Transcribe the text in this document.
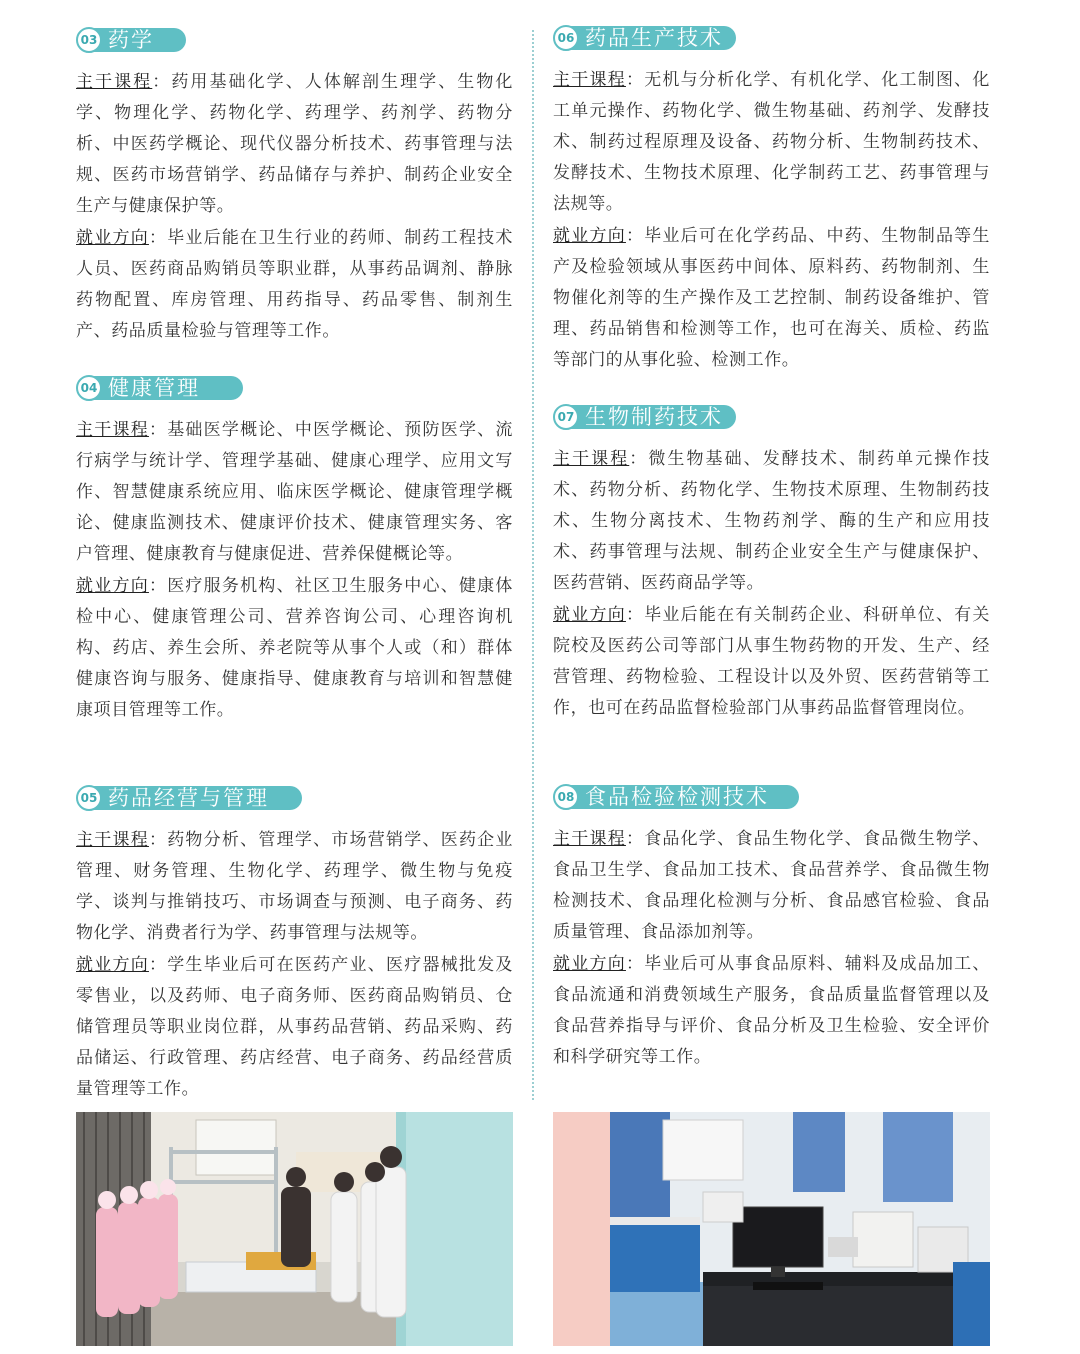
03 药学

主干课程：药用基础化学、人体解剖生理学、生物化学、物理化学、药物化学、药理学、药剂学、药物分析、中医药学概论、现代仪器分析技术、药事管理与法规、医药市场营销学、药品储存与养护、制药企业安全生产与健康保护等。

就业方向：毕业后能在卫生行业的药师、制药工程技术人员、医药商品购销员等职业群，从事药品调剂、静脉药物配置、库房管理、用药指导、药品零售、制剂生产、药品质量检验与管理等工作。

04 健康管理

主干课程：基础医学概论、中医学概论、预防医学、流行病学与统计学、管理学基础、健康心理学、应用文写作、智慧健康系统应用、临床医学概论、健康管理学概论、健康监测技术、健康评价技术、健康管理实务、客户管理、健康教育与健康促进、营养保健概论等。

就业方向：医疗服务机构、社区卫生服务中心、健康体检中心、健康管理公司、营养咨询公司、心理咨询机构、药店、养生会所、养老院等从事个人或（和）群体健康咨询与服务、健康指导、健康教育与培训和智慧健康项目管理等工作。

05 药品经营与管理

主干课程：药物分析、管理学、市场营销学、医药企业管理、财务管理、生物化学、药理学、微生物与免疫学、谈判与推销技巧、市场调查与预测、电子商务、药物化学、消费者行为学、药事管理与法规等。

就业方向：学生毕业后可在医药产业、医疗器械批发及零售业，以及药师、电子商务师、医药商品购销员、仓储管理员等职业岗位群，从事药品营销、药品采购、药品储运、行政管理、药店经营、电子商务、药品经营质量管理等工作。

06 药品生产技术

主干课程：无机与分析化学、有机化学、化工制图、化工单元操作、药物化学、微生物基础、药剂学、发酵技术、制药过程原理及设备、药物分析、生物制药技术、发酵技术、生物技术原理、化学制药工艺、药事管理与法规等。

就业方向：毕业后可在化学药品、中药、生物制品等生产及检验领域从事医药中间体、原料药、药物制剂、生物催化剂等的生产操作及工艺控制、制药设备维护、管理、药品销售和检测等工作，也可在海关、质检、药监等部门的从事化验、检测工作。

07 生物制药技术

主干课程：微生物基础、发酵技术、制药单元操作技术、药物分析、药物化学、生物技术原理、生物制药技术、生物分离技术、生物药剂学、酶的生产和应用技术、药事管理与法规、制药企业安全生产与健康保护、医药营销、医药商品学等。

就业方向：毕业后能在有关制药企业、科研单位、有关院校及医药公司等部门从事生物药物的开发、生产、经营管理、药物检验、工程设计以及外贸、医药营销等工作，也可在药品监督检验部门从事药品监督管理岗位。

08 食品检验检测技术

主干课程：食品化学、食品生物化学、食品微生物学、食品卫生学、食品加工技术、食品营养学、食品微生物检测技术、食品理化检测与分析、食品感官检验、食品质量管理、食品添加剂等。

就业方向：毕业后可从事食品原料、辅料及成品加工、食品流通和消费领域生产服务，食品质量监督管理以及食品营养指导与评价、食品分析及卫生检验、安全评价和科学研究等工作。
